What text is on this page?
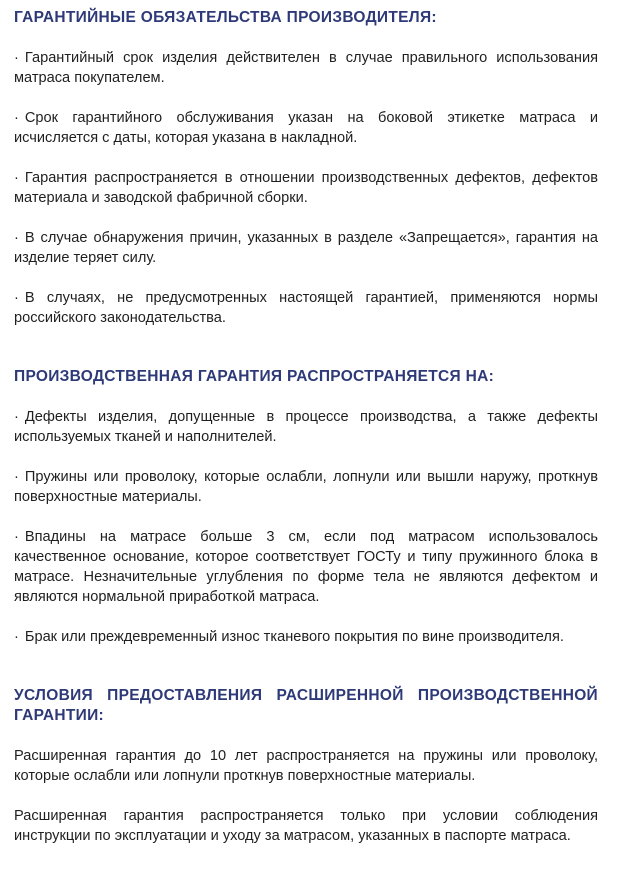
ГАРАНТИЙНЫЕ ОБЯЗАТЕЛЬСТВА ПРОИЗВОДИТЕЛЯ:

· Гарантийный срок изделия действителен в случае правильного использования матраса покупателем.

· Срок гарантийного обслуживания указан на боковой этикетке матраса и исчисляется с даты, которая указана в накладной.

· Гарантия распространяется в отношении производственных дефектов, дефектов материала и заводской фабричной сборки.

· В случае обнаружения причин, указанных в разделе «Запрещается», гарантия на изделие теряет силу.

· В случаях, не предусмотренных настоящей гарантией, применяются нормы российского законодательства.

ПРОИЗВОДСТВЕННАЯ ГАРАНТИЯ РАСПРОСТРАНЯЕТСЯ НА:

· Дефекты изделия, допущенные в процессе производства, а также дефекты используемых тканей и наполнителей.

· Пружины или проволоку, которые ослабли, лопнули или вышли наружу, проткнув поверхностные материалы.

· Впадины на матрасе больше 3 см, если под матрасом использовалось качественное основание, которое соответствует ГОСТу и типу пружинного блока в матрасе. Незначительные углубления по форме тела не являются дефектом и являются нормальной приработкой матраса.

· Брак или преждевременный износ тканевого покрытия по вине производителя.

УСЛОВИЯ ПРЕДОСТАВЛЕНИЯ РАСШИРЕННОЙ ПРОИЗВОДСТВЕННОЙ ГАРАНТИИ:

Расширенная гарантия до 10 лет распространяется на пружины или проволоку, которые ослабли или лопнули проткнув поверхностные материалы.

Расширенная гарантия распространяется только при условии соблюдения инструкции по эксплуатации и уходу за матрасом, указанных в паспорте матраса.
